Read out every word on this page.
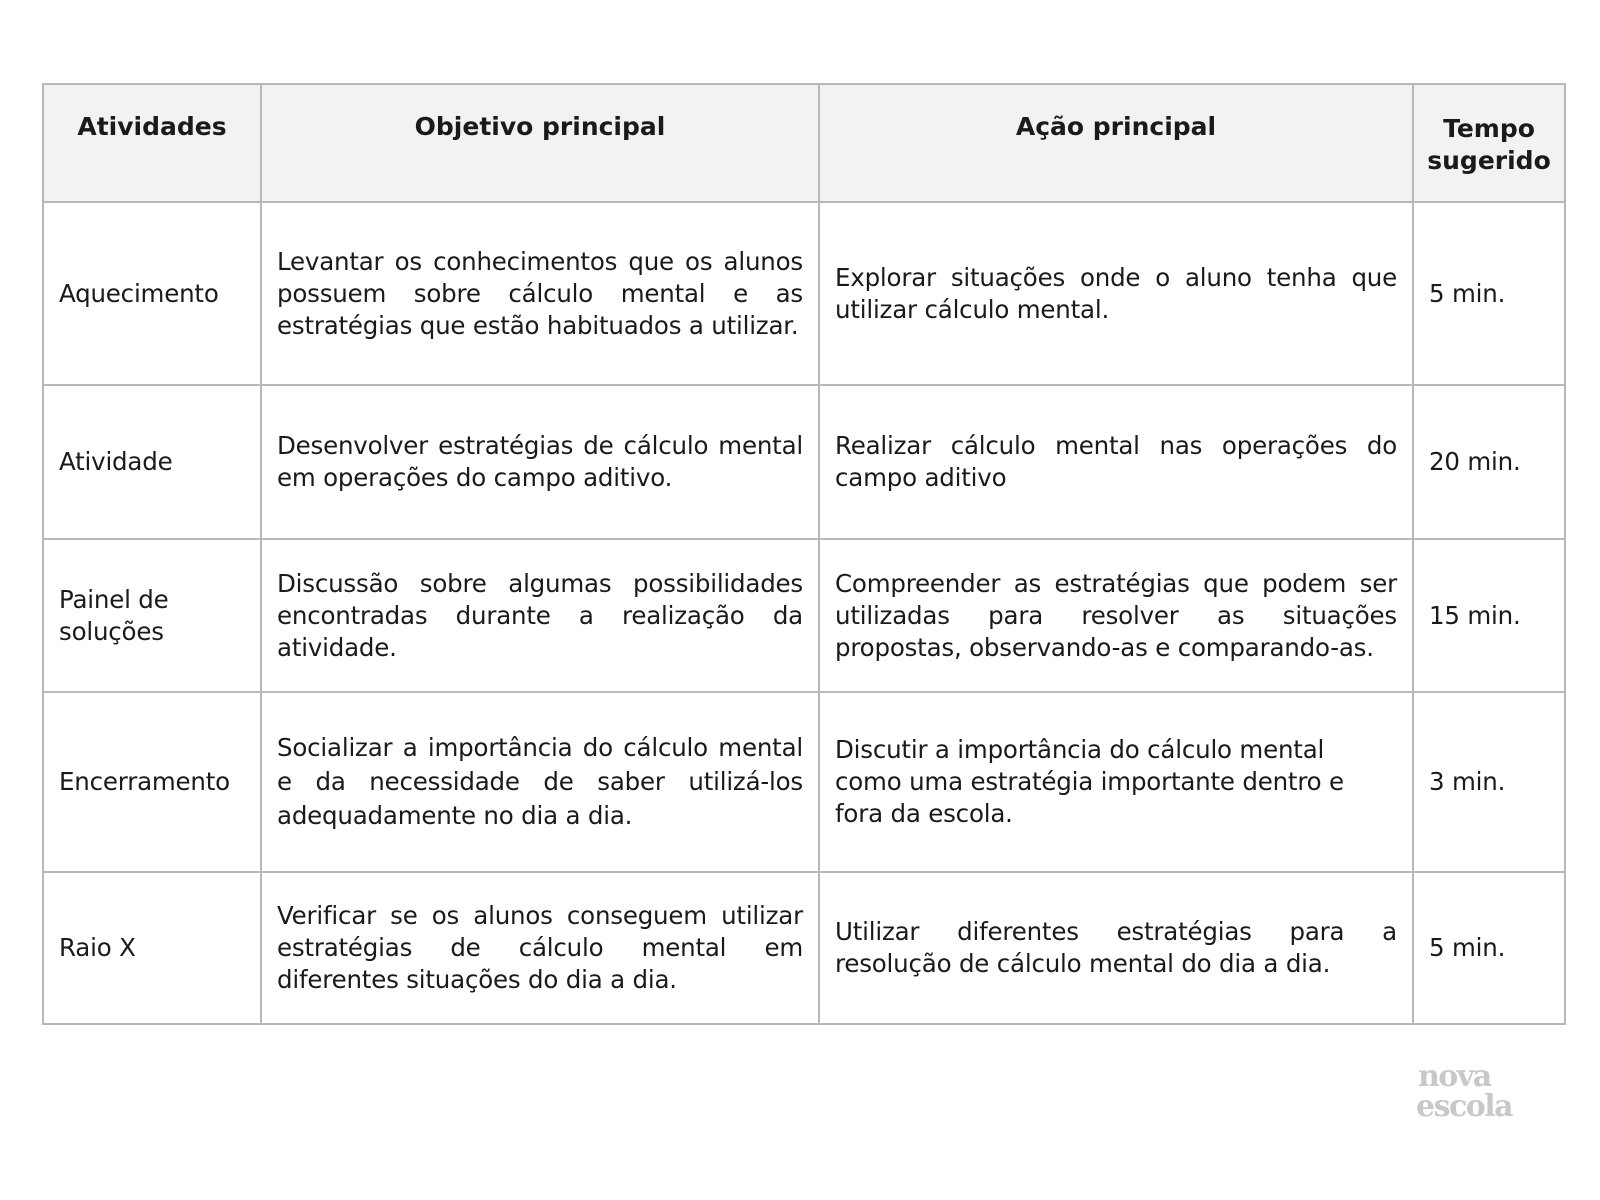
Atividades	Objetivo principal	Ação principal	Tempo sugerido
Aquecimento	Levantar os conhecimentos que os alunos possuem sobre cálculo mental e as estratégias que estão habituados a utilizar.	Explorar situações onde o aluno tenha que utilizar cálculo mental.	5 min.
Atividade	Desenvolver estratégias de cálculo mental em operações do campo aditivo.	Realizar cálculo mental nas operações do campo aditivo	20 min.
Painel de soluções	Discussão sobre algumas possibilidades encontradas durante a realização da atividade.	Compreender as estratégias que podem ser utilizadas para resolver as situações propostas, observando-as e comparando-as.	15 min.
Encerramento	Socializar a importância do cálculo mental e da necessidade de saber utilizá-los adequadamente no dia a dia.	Discutir a importância do cálculo mental como uma estratégia importante dentro e fora da escola.	3 min.
Raio X	Verificar se os alunos conseguem utilizar estratégias de cálculo mental em diferentes situações do dia a dia.	Utilizar diferentes estratégias para a resolução de cálculo mental do dia a dia.	5 min.
nova
escola
